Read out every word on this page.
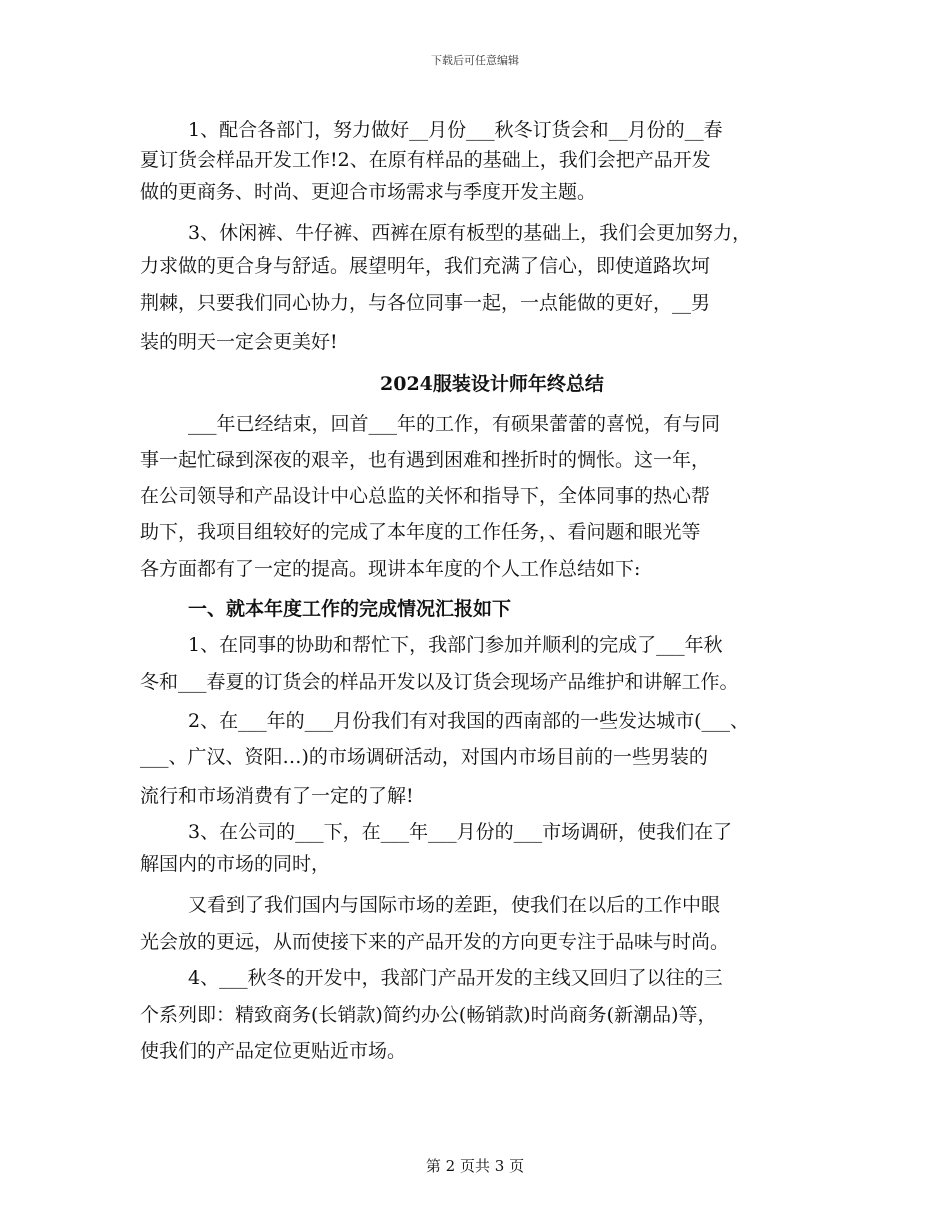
下载后可任意编辑
1、配合各部门，努力做好__月份___秋冬订货会和__月份的__春
夏订货会样品开发工作!2、在原有样品的基础上，我们会把产品开发
做的更商务、时尚、更迎合市场需求与季度开发主题。
3、休闲裤、牛仔裤、西裤在原有板型的基础上，我们会更加努力，
力求做的更合身与舒适。展望明年，我们充满了信心，即使道路坎坷
荆棘，只要我们同心协力，与各位同事一起，一点能做的更好，__男
装的明天一定会更美好!
2024服装设计师年终总结
___年已经结束，回首___年的工作，有硕果蕾蕾的喜悦，有与同
事一起忙碌到深夜的艰辛，也有遇到困难和挫折时的惆怅。这一年，
在公司领导和产品设计中心总监的关怀和指导下，全体同事的热心帮
助下，我项目组较好的完成了本年度的工作任务，、看问题和眼光等
各方面都有了一定的提高。现讲本年度的个人工作总结如下:
一、就本年度工作的完成情况汇报如下
1、在同事的协助和帮忙下，我部门参加并顺利的完成了___年秋
冬和___春夏的订货会的样品开发以及订货会现场产品维护和讲解工作。
2、在___年的___月份我们有对我国的西南部的一些发达城市(___、
___、广汉、资阳…)的市场调研活动，对国内市场目前的一些男装的
流行和市场消费有了一定的了解!
3、在公司的___下，在___年___月份的___市场调研，使我们在了
解国内的市场的同时，
又看到了我们国内与国际市场的差距，使我们在以后的工作中眼
光会放的更远，从而使接下来的产品开发的方向更专注于品味与时尚。
4、___秋冬的开发中，我部门产品开发的主线又回归了以往的三
个系列即：精致商务(长销款)简约办公(畅销款)时尚商务(新潮品)等，
使我们的产品定位更贴近市场。
第 2 页共 3 页
